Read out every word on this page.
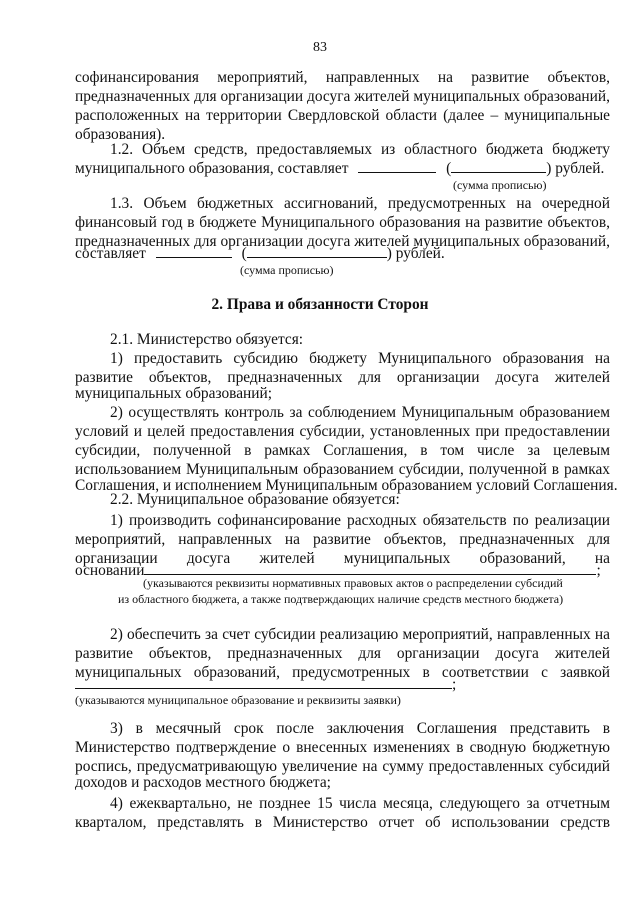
83
софинансирования мероприятий, направленных на развитие объектов,
предназначенных для организации досуга жителей муниципальных образований,
расположенных на территории Свердловской области (далее – муниципальные
образования).
1.2. Объем средств, предоставляемых из областного бюджета бюджету
муниципального образования, составляет	(	) рублей.
(сумма прописью)
1.3. Объем бюджетных ассигнований, предусмотренных на очередной
финансовый год в бюджете Муниципального образования на развитие объектов,
предназначенных для организации досуга жителей муниципальных образований,
составляет	(	) рублей.
(сумма прописью)
2. Права и обязанности Сторон
2.1. Министерство обязуется:
1) предоставить субсидию бюджету Муниципального образования на
развитие объектов, предназначенных для организации досуга жителей
муниципальных образований;
2) осуществлять контроль за соблюдением Муниципальным образованием
условий и целей предоставления субсидии, установленных при предоставлении
субсидии, полученной в рамках Соглашения, в том числе за целевым
использованием Муниципальным образованием субсидии, полученной в рамках
Соглашения, и исполнением Муниципальным образованием условий Соглашения.
2.2. Муниципальное образование обязуется:
1) производить софинансирование расходных обязательств по реализации
мероприятий, направленных на развитие объектов, предназначенных для
организации досуга жителей муниципальных образований, на
основании	;
(указываются реквизиты нормативных правовых актов о распределении субсидий
из областного бюджета, а также подтверждающих наличие средств местного бюджета)
2) обеспечить за счет субсидии реализацию мероприятий, направленных на
развитие объектов, предназначенных для организации досуга жителей
муниципальных образований, предусмотренных в соответствии с заявкой
;
(указываются муниципальное образование и реквизиты заявки)
3) в месячный срок после заключения Соглашения представить в
Министерство подтверждение о внесенных изменениях в сводную бюджетную
роспись, предусматривающую увеличение на сумму предоставленных субсидий
доходов и расходов местного бюджета;
4) ежеквартально, не позднее 15 числа месяца, следующего за отчетным
кварталом, представлять в Министерство отчет об использовании средств
